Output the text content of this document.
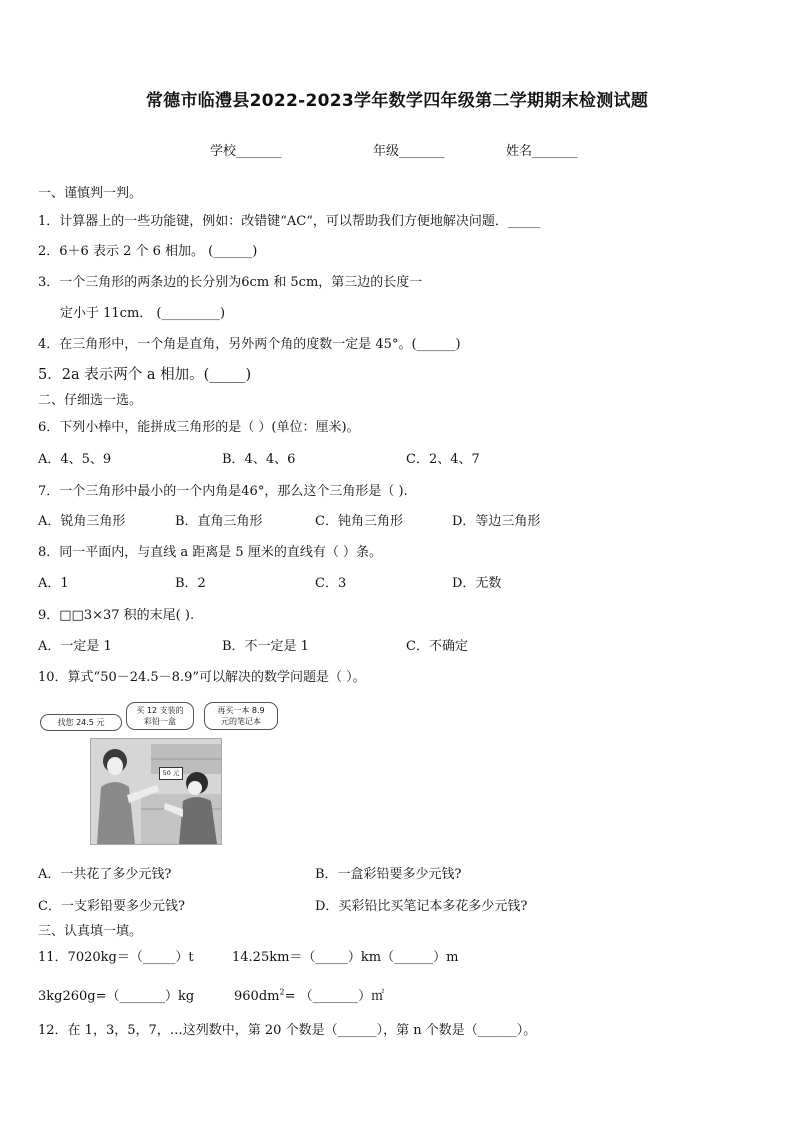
常德市临澧县2022-2023学年数学四年级第二学期期末检测试题
学校_______	年级_______	姓名_______
一、谨慎判一判。
1．计算器上的一些功能键，例如：改错键“AC“，可以帮助我们方便地解决问题．_____
2．6＋6 表示 2 个 6 相加。 (______)
3．一个三角形的两条边的长分别为6cm 和 5cm，第三边的长度一
定小于 11cm． (_________)
4．在三角形中，一个角是直角，另外两个角的度数一定是 45°。(______)
5．2a 表示两个 a 相加。(_____)
二、仔细选一选。
6．下列小棒中，能拼成三角形的是（ ）(单位：厘米)。
A．4、5、9	B．4、4、6	C．2、4、7
7．一个三角形中最小的一个内角是46°，那么这个三角形是（ ).
A．锐角三角形	B．直角三角形	C．钝角三角形	D．等边三角形
8．同一平面内，与直线 a 距离是 5 厘米的直线有（ ）条。
A．1	B．2	C．3	D．无数
9．□□3×37 积的末尾( ).
A．一定是 1	B．不一定是 1	C．不确定
10．算式“50－24.5－8.9”可以解决的数学问题是（ ）。
50 元
找您 24.5 元
买 12 支装的
彩铅一盒
再买一本 8.9
元的笔记本
A．一共花了多少元钱?	B．一盒彩铅要多少元钱?
C．一支彩铅要多少元钱?	D．买彩铅比买笔记本多花多少元钱?
三、认真填一填。
11．7020kg＝（_____）t	14.25km＝（_____）km（______）m
3kg260g=（_______）kg	$960dm^2=$ （_______）㎡
12．在 1，3，5，7，…这列数中，第 20 个数是（______），第 n 个数是（______）。
